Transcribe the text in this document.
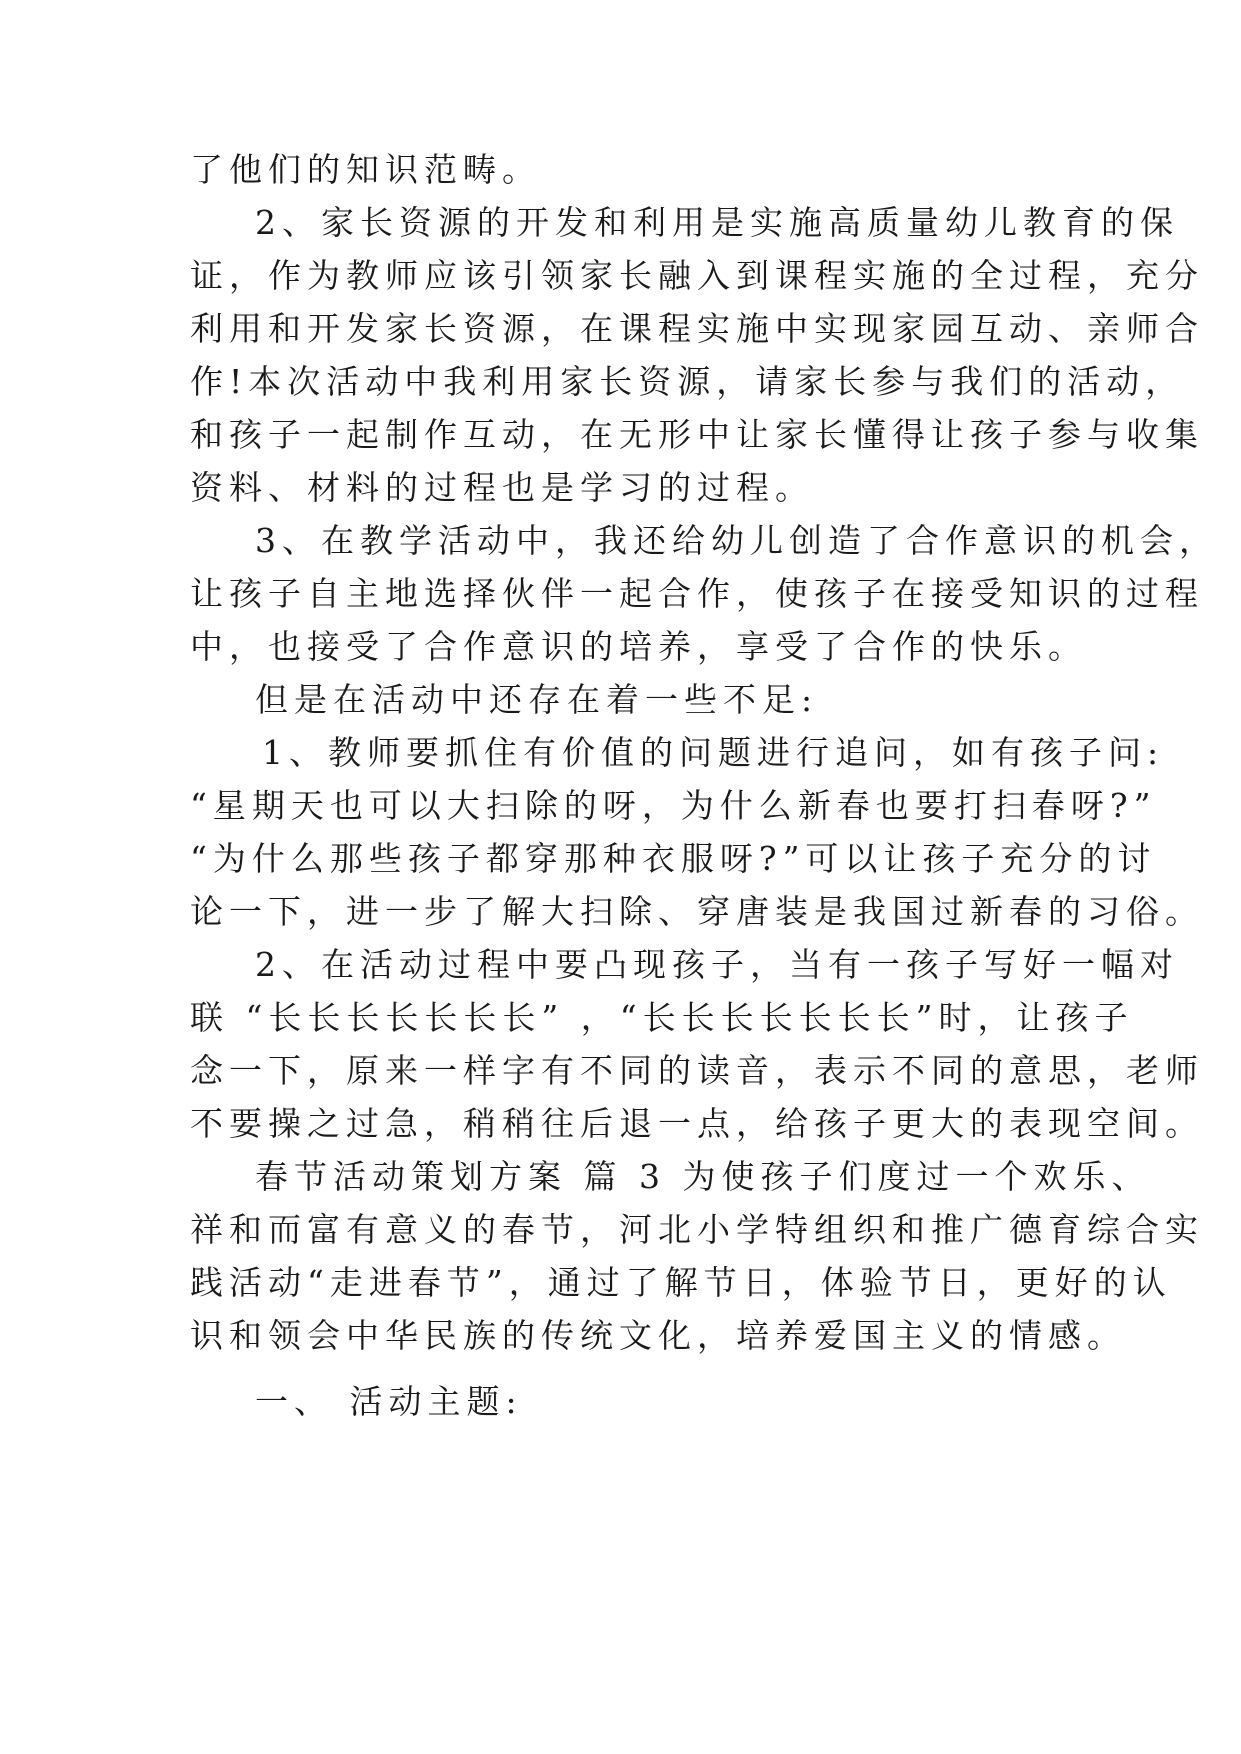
了他们的知识范畴。
2、家长资源的开发和利用是实施高质量幼儿教育的保
证，作为教师应该引领家长融入到课程实施的全过程，充分
利用和开发家长资源，在课程实施中实现家园互动、亲师合
作!本次活动中我利用家长资源，请家长参与我们的活动，
和孩子一起制作互动，在无形中让家长懂得让孩子参与收集
资料、材料的过程也是学习的过程。
3、在教学活动中，我还给幼儿创造了合作意识的机会，
让孩子自主地选择伙伴一起合作，使孩子在接受知识的过程
中，也接受了合作意识的培养，享受了合作的快乐。
但是在活动中还存在着一些不足:
1、教师要抓住有价值的问题进行追问，如有孩子问:
“星期天也可以大扫除的呀，为什么新春也要打扫春呀?”
“为什么那些孩子都穿那种衣服呀?”可以让孩子充分的讨
论一下，进一步了解大扫除、穿唐装是我国过新春的习俗。
2、在活动过程中要凸现孩子，当有一孩子写好一幅对
联 “长长长长长长长” ，“长长长长长长长”时，让孩子
念一下，原来一样字有不同的读音，表示不同的意思，老师
不要操之过急，稍稍往后退一点，给孩子更大的表现空间。
春节活动策划方案 篇 3 为使孩子们度过一个欢乐、
祥和而富有意义的春节，河北小学特组织和推广德育综合实
践活动“走进春节”，通过了解节日，体验节日，更好的认
识和领会中华民族的传统文化，培养爱国主义的情感。
一、 活动主题:
